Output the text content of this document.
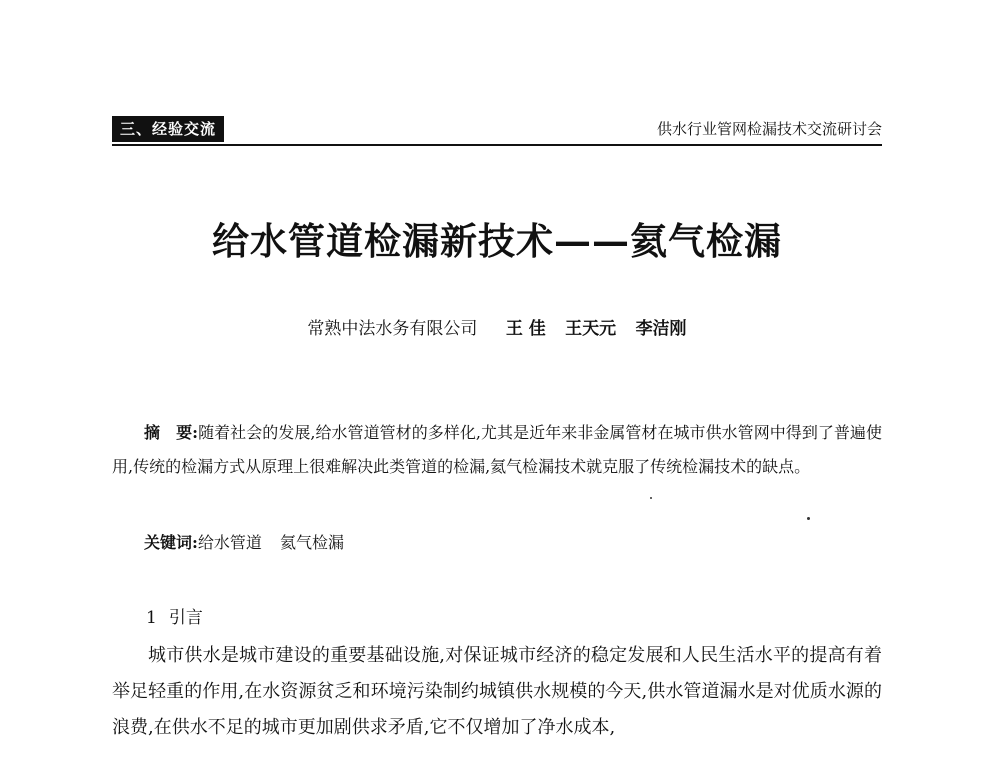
三、经验交流	供水行业管网检漏技术交流研讨会
给水管道检漏新技术——氦气检漏
常熟中法水务有限公司 王 佳 王天元 李洁刚
摘　要:随着社会的发展,给水管道管材的多样化,尤其是近年来非金属管材在城市供水管网中得到了普遍使用,传统的检漏方式从原理上很难解决此类管道的检漏,氦气检漏技术就克服了传统检漏技术的缺点。
关键词:给水管道 氦气检漏
1 引言
城市供水是城市建设的重要基础设施,对保证城市经济的稳定发展和人民生活水平的提高有着举足轻重的作用,在水资源贫乏和环境污染制约城镇供水规模的今天,供水管道漏水是对优质水源的浪费,在供水不足的城市更加剧供求矛盾,它不仅增加了净水成本,
